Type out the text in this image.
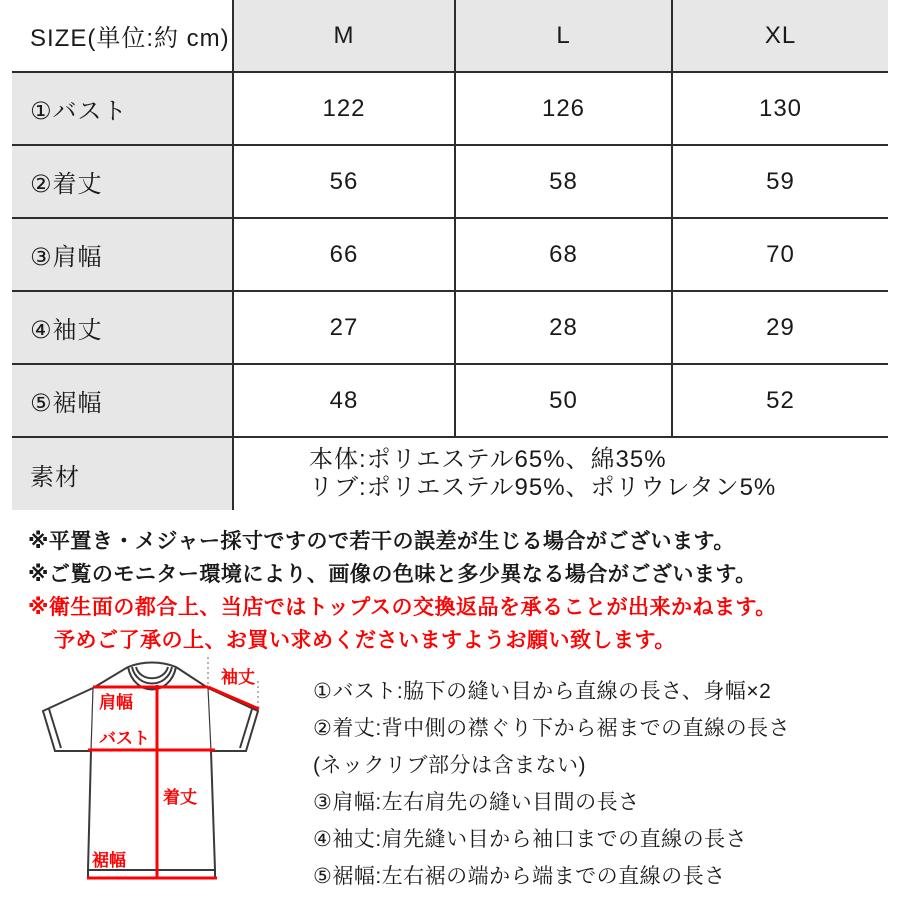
SIZE(単位:約 cm)	M	L	XL
①バスト	122	126	130
②着丈	56	58	59
③肩幅	66	68	70
④袖丈	27	28	29
⑤裾幅	48	50	52
素材	本体:ポリエステル65%、綿35%
リブ:ポリエステル95%、ポリウレタン5%		
※平置き・メジャー採寸ですので若干の誤差が生じる場合がございます。
※ご覧のモニター環境により、画像の色味と多少異なる場合がございます。
※衛生面の都合上、当店ではトップスの交換返品を承ることが出来かねます。
予めご了承の上、お買い求めくださいますようお願い致します。
肩幅
バスト
着丈
裾幅
袖丈
①バスト:脇下の縫い目から直線の長さ、身幅×2
②着丈:背中側の襟ぐり下から裾までの直線の長さ
(ネックリブ部分は含まない)
③肩幅:左右肩先の縫い目間の長さ
④袖丈:肩先縫い目から袖口までの直線の長さ
⑤裾幅:左右裾の端から端までの直線の長さ
